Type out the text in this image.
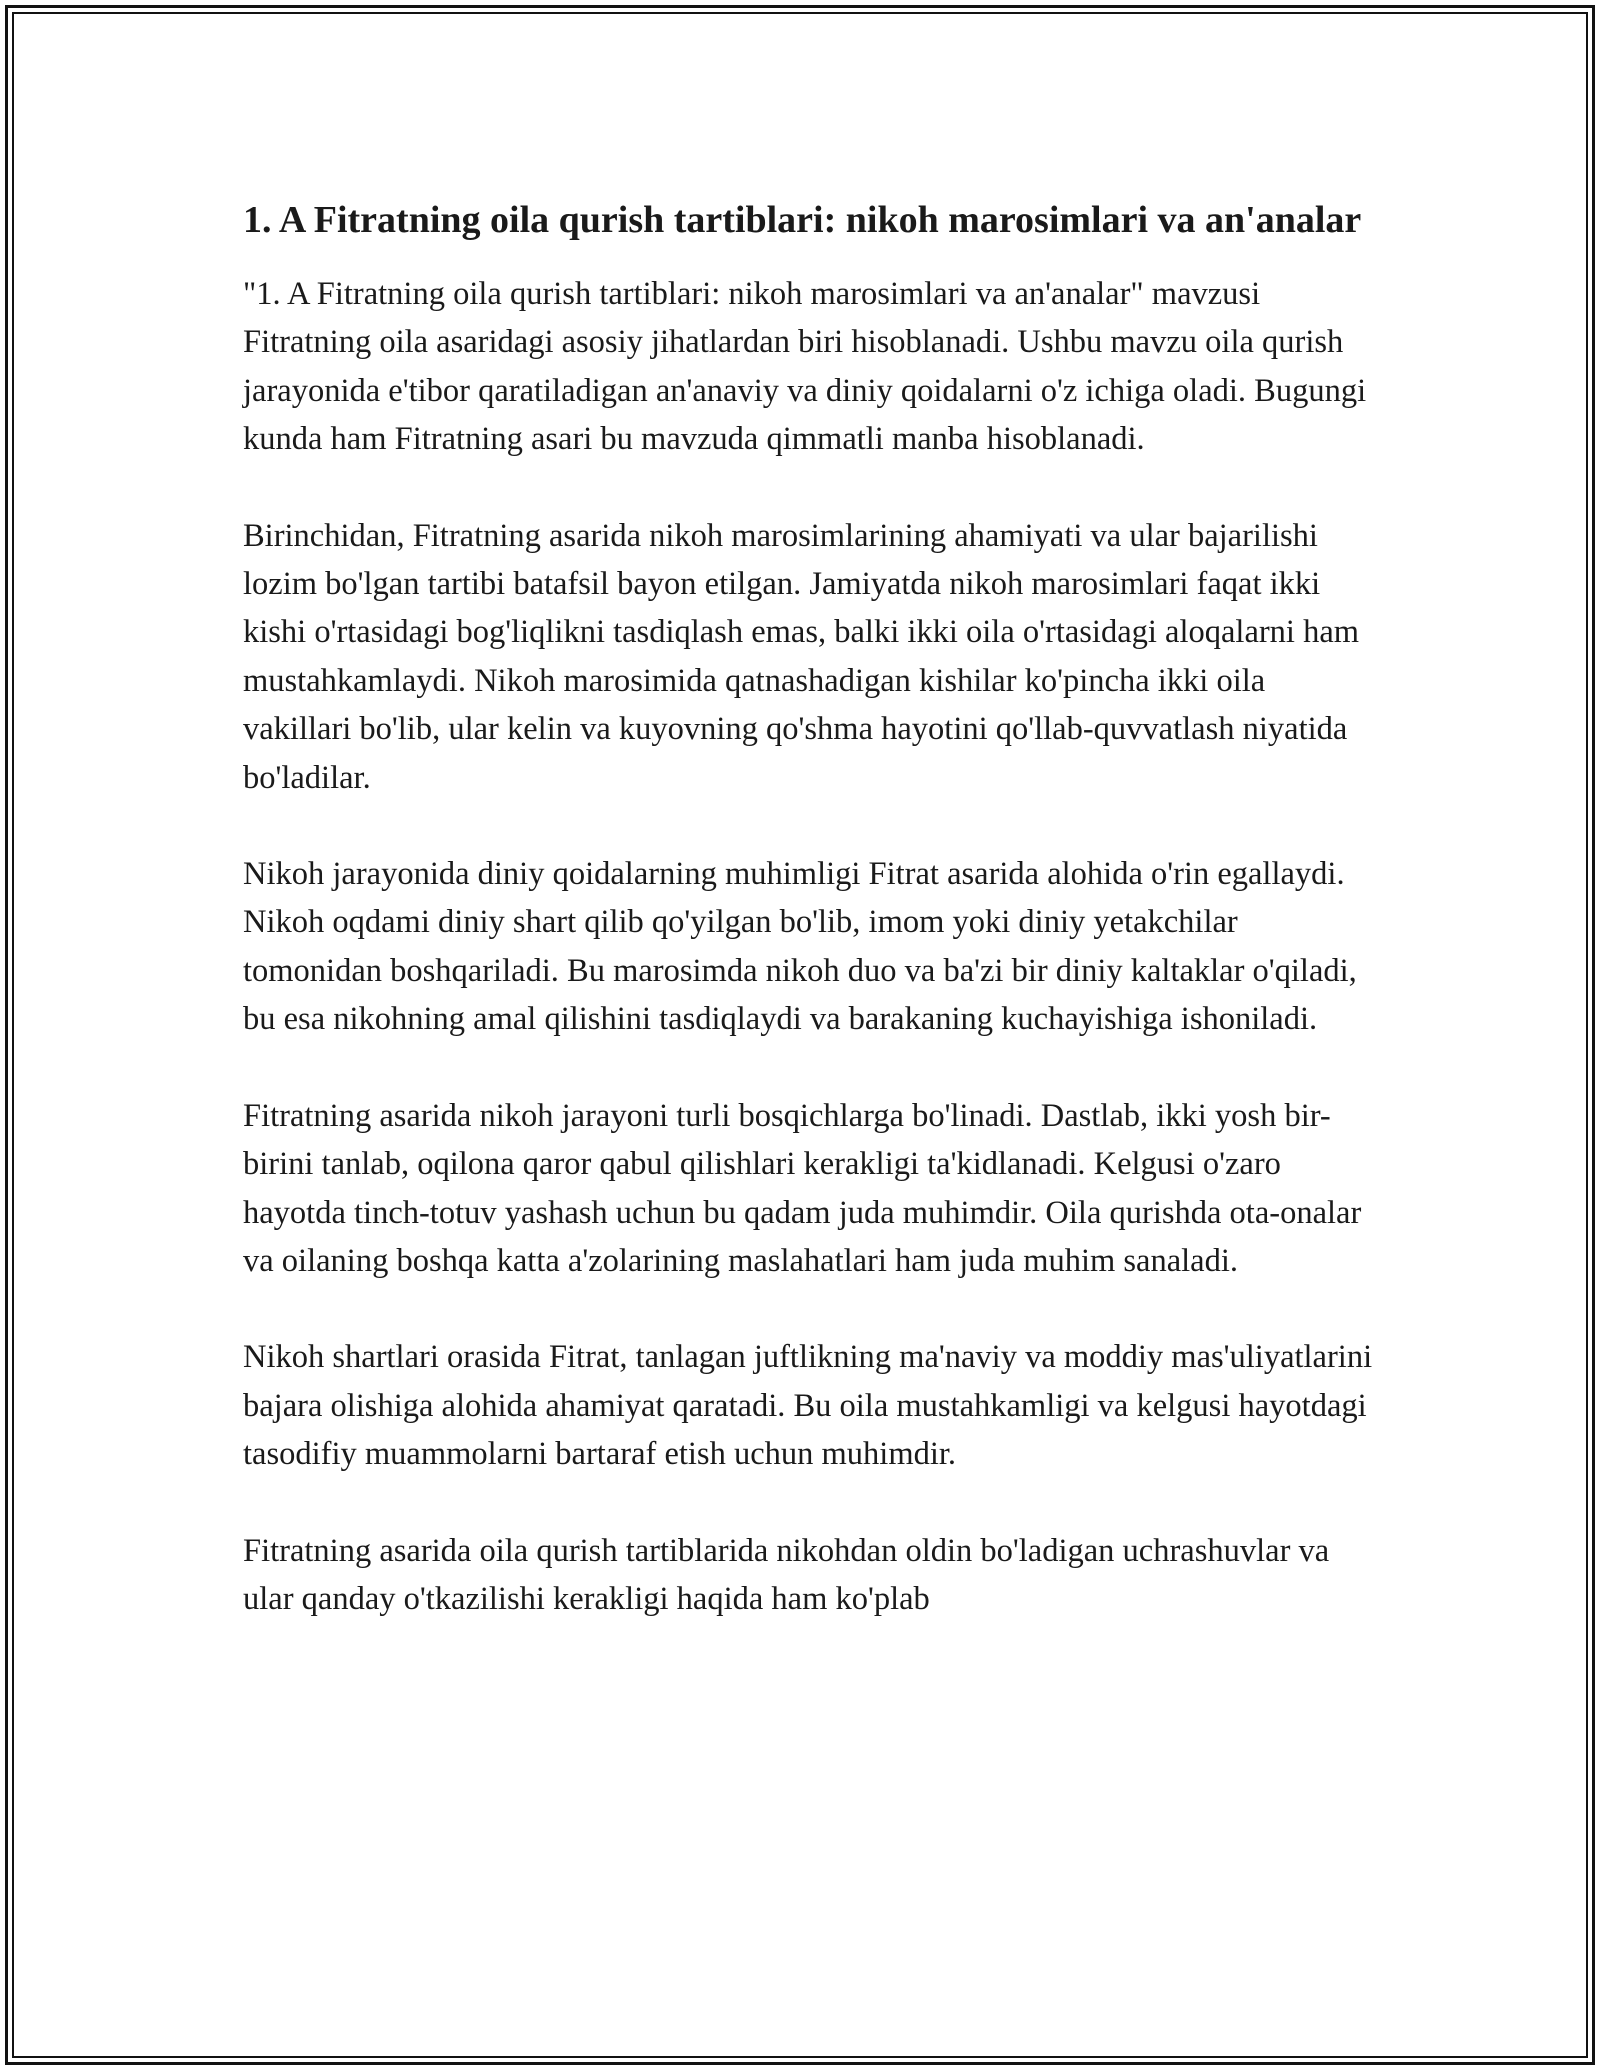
1. A Fitratning oila qurish tartiblari: nikoh marosimlari va an'analar

"1. A Fitratning oila qurish tartiblari: nikoh marosimlari va an'analar" mavzusi Fitratning oila asaridagi asosiy jihatlardan biri hisoblanadi. Ushbu mavzu oila qurish jarayonida e'tibor qaratiladigan an'anaviy va diniy qoidalarni o'z ichiga oladi. Bugungi kunda ham Fitratning asari bu mavzuda qimmatli manba hisoblanadi.

Birinchidan, Fitratning asarida nikoh marosimlarining ahamiyati va ular bajarilishi lozim bo'lgan tartibi batafsil bayon etilgan. Jamiyatda nikoh marosimlari faqat ikki kishi o'rtasidagi bog'liqlikni tasdiqlash emas, balki ikki oila o'rtasidagi aloqalarni ham mustahkamlaydi. Nikoh marosimida qatnashadigan kishilar ko'pincha ikki oila vakillari bo'lib, ular kelin va kuyovning qo'shma hayotini qo'llab-quvvatlash niyatida bo'ladilar.

Nikoh jarayonida diniy qoidalarning muhimligi Fitrat asarida alohida o'rin egallaydi. Nikoh oqdami diniy shart qilib qo'yilgan bo'lib, imom yoki diniy yetakchilar tomonidan boshqariladi. Bu marosimda nikoh duo va ba'zi bir diniy kaltaklar o'qiladi, bu esa nikohning amal qilishini tasdiqlaydi va barakaning kuchayishiga ishoniladi.

Fitratning asarida nikoh jarayoni turli bosqichlarga bo'linadi. Dastlab, ikki yosh bir-birini tanlab, oqilona qaror qabul qilishlari kerakligi ta'kidlanadi. Kelgusi o'zaro hayotda tinch-totuv yashash uchun bu qadam juda muhimdir. Oila qurishda ota-onalar va oilaning boshqa katta a'zolarining maslahatlari ham juda muhim sanaladi.

Nikoh shartlari orasida Fitrat, tanlagan juftlikning ma'naviy va moddiy mas'uliyatlarini bajara olishiga alohida ahamiyat qaratadi. Bu oila mustahkamligi va kelgusi hayotdagi tasodifiy muammolarni bartaraf etish uchun muhimdir.

Fitratning asarida oila qurish tartiblarida nikohdan oldin bo'ladigan uchrashuvlar va ular qanday o'tkazilishi kerakligi haqida ham ko'plab
